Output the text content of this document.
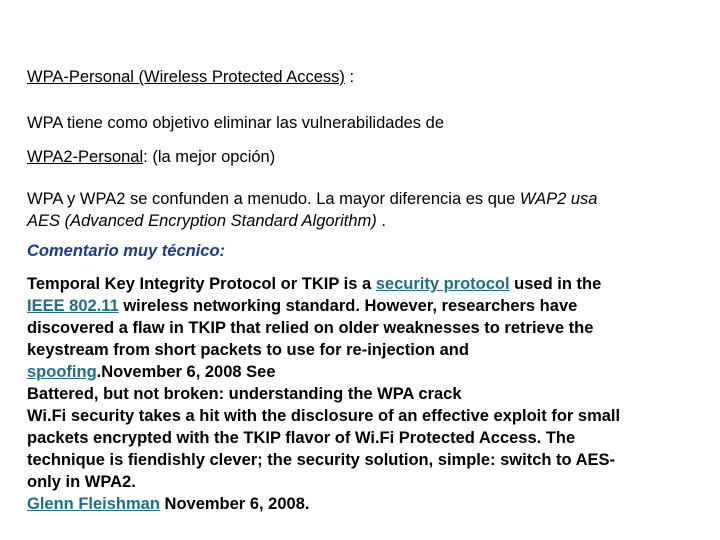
WPA-Personal (Wireless Protected Access) :
WPA tiene como objetivo eliminar las vulnerabilidades de
WPA2-Personal: (la mejor opción)
WPA y WPA2 se confunden a menudo. La mayor diferencia es que WAP2 usa
AES (Advanced Encryption Standard Algorithm) .
Comentario muy técnico:
Temporal Key Integrity Protocol or TKIP is a security protocol used in the
IEEE 802.11 wireless networking standard. However, researchers have
discovered a flaw in TKIP that relied on older weaknesses to retrieve the
keystream from short packets to use for re-injection and
spoofing.November 6, 2008 See
Battered, but not broken: understanding the WPA crack
Wi.Fi security takes a hit with the disclosure of an effective exploit for small
packets encrypted with the TKIP flavor of Wi.Fi Protected Access. The
technique is fiendishly clever; the security solution, simple: switch to AES-
only in WPA2.
Glenn Fleishman November 6, 2008.
